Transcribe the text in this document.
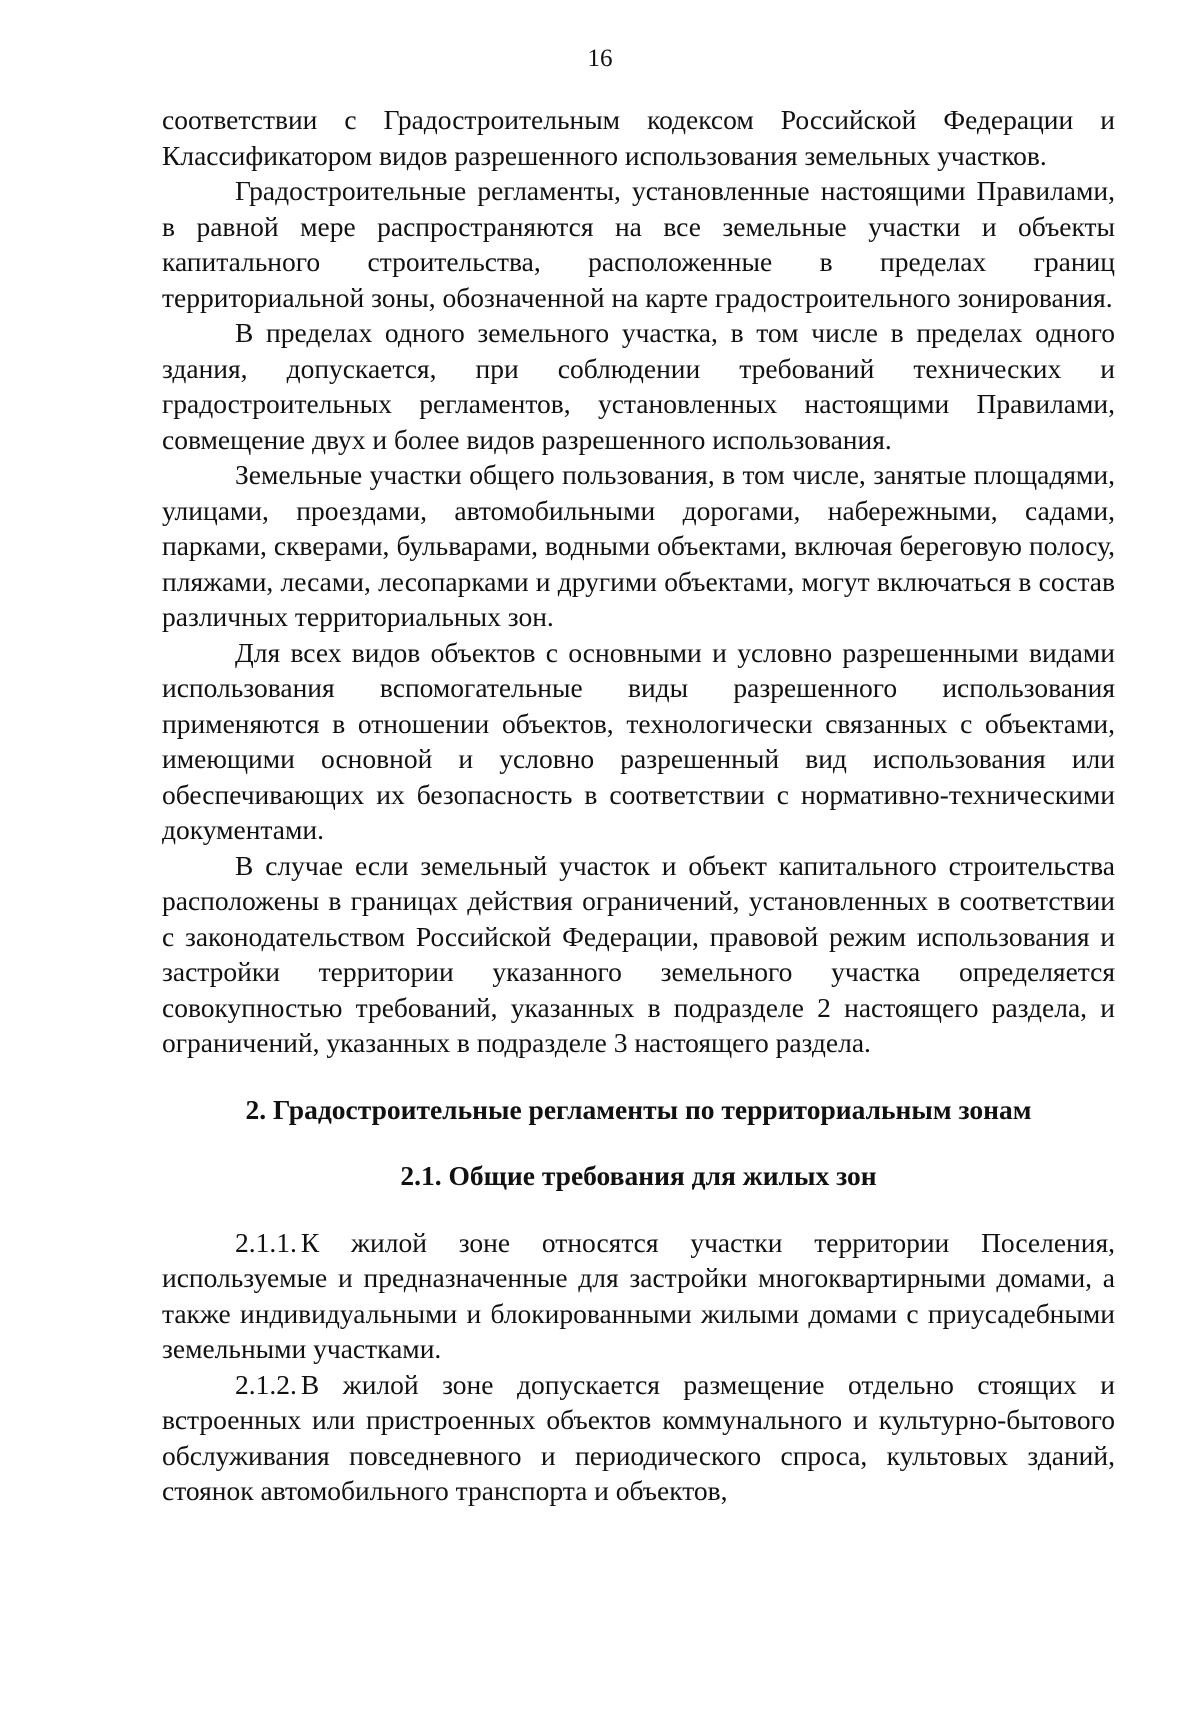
16

соответствии с Градостроительным кодексом Российской Федерации и Классификатором видов разрешенного использования земельных участков.

Градостроительные регламенты, установленные настоящими Правилами, в равной мере распространяются на все земельные участки и объекты капитального строительства, расположенные в пределах границ территориальной зоны, обозначенной на карте градостроительного зонирования.

В пределах одного земельного участка, в том числе в пределах одного здания, допускается, при соблюдении требований технических и градостроительных регламентов, установленных настоящими Правилами, совмещение двух и более видов разрешенного использования.

Земельные участки общего пользования, в том числе, занятые площадями, улицами, проездами, автомобильными дорогами, набережными, садами, парками, скверами, бульварами, водными объектами, включая береговую полосу, пляжами, лесами, лесопарками и другими объектами, могут включаться в состав различных территориальных зон.

Для всех видов объектов с основными и условно разрешенными видами использования вспомогательные виды разрешенного использования применяются в отношении объектов, технологически связанных с объектами, имеющими основной и условно разрешенный вид использования или обеспечивающих их безопасность в соответствии с нормативно-техническими документами.

В случае если земельный участок и объект капитального строительства расположены в границах действия ограничений, установленных в соответствии с законодательством Российской Федерации, правовой режим использования и застройки территории указанного земельного участка определяется совокупностью требований, указанных в подразделе 2 настоящего раздела, и ограничений, указанных в подразделе 3 настоящего раздела.

2. Градостроительные регламенты по территориальным зонам
2.1. Общие требования для жилых зон

2.1.1. К жилой зоне относятся участки территории Поселения, используемые и предназначенные для застройки многоквартирными домами, а также индивидуальными и блокированными жилыми домами с приусадебными земельными участками.

2.1.2. В жилой зоне допускается размещение отдельно стоящих и встроенных или пристроенных объектов коммунального и культурно-бытового обслуживания повседневного и периодического спроса, культовых зданий, стоянок автомобильного транспорта и объектов,
